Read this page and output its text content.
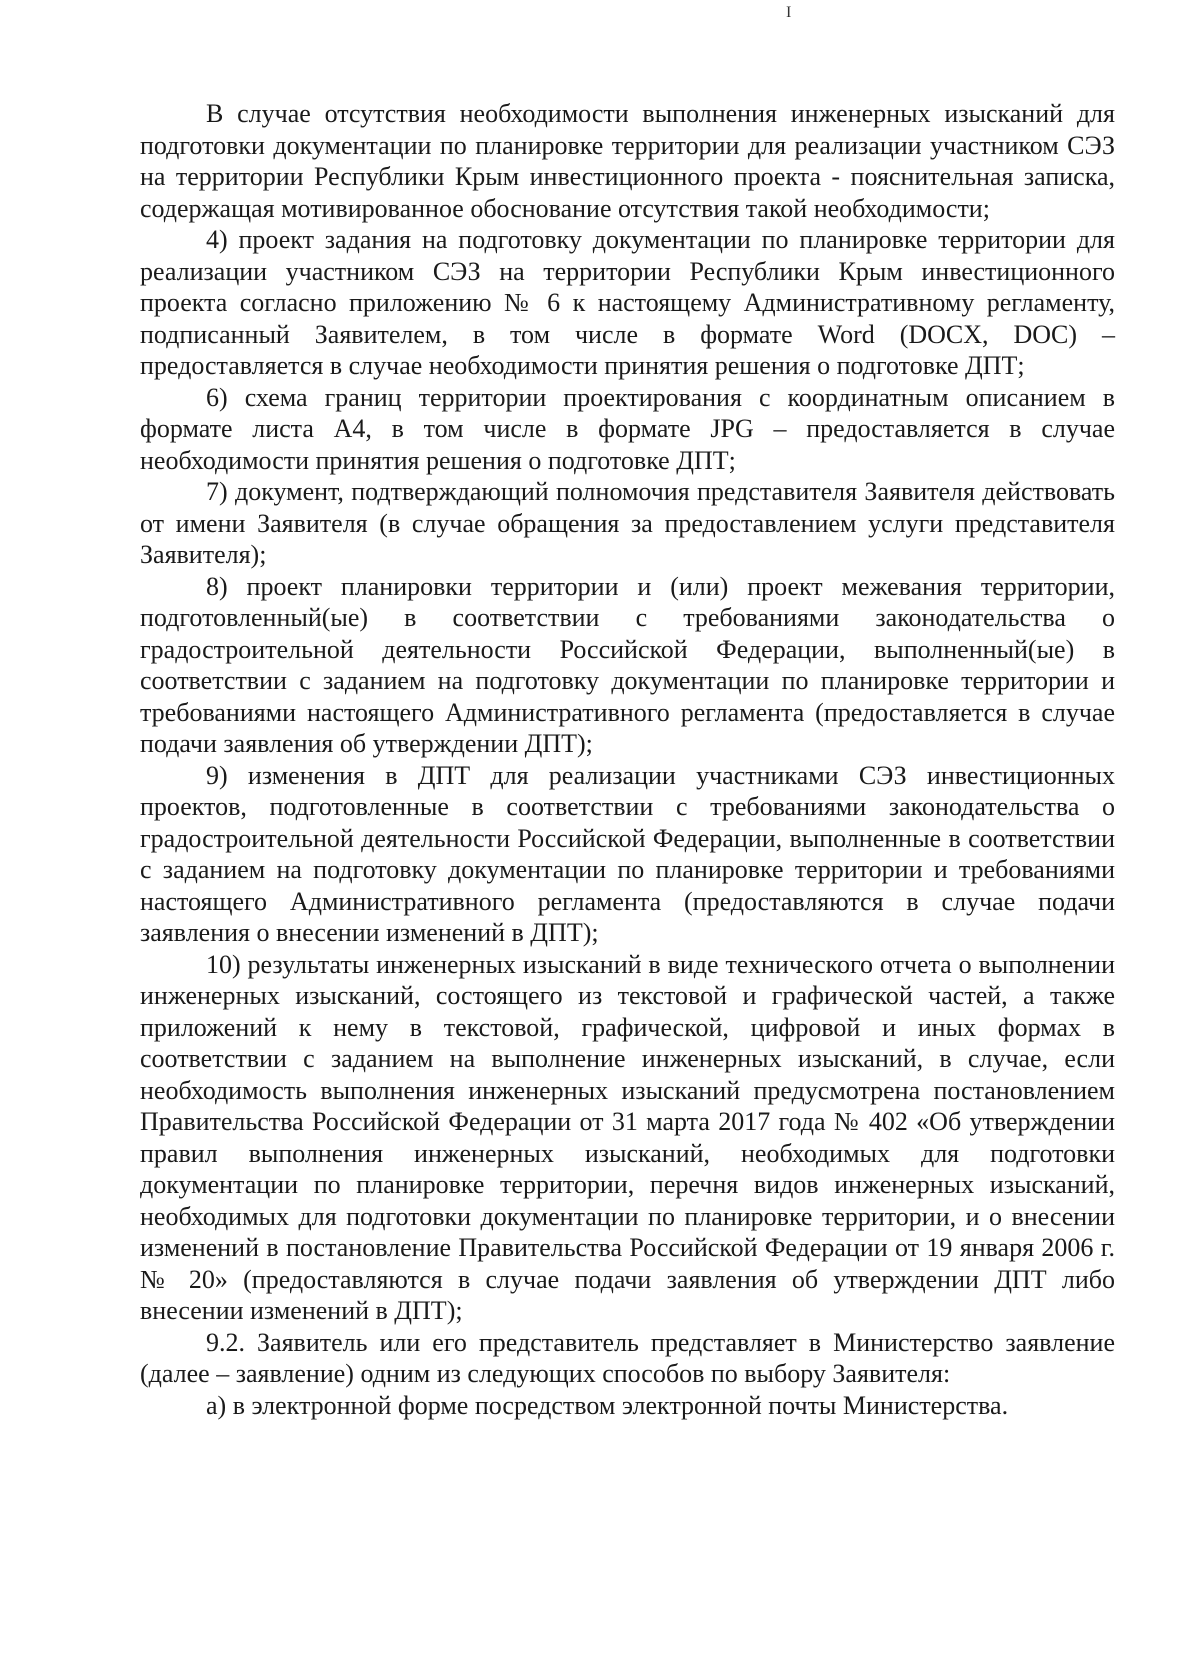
I

В случае отсутствия необходимости выполнения инженерных изысканий для подготовки документации по планировке территории для реализации участником СЭЗ на территории Республики Крым инвестиционного проекта - пояснительная записка, содержащая мотивированное обоснование отсутствия такой необходимости;

4) проект задания на подготовку документации по планировке территории для реализации участником СЭЗ на территории Республики Крым инвестиционного проекта согласно приложению № 6 к настоящему Административному регламенту, подписанный Заявителем, в том числе в формате Word (DOCX, DOC) – предоставляется в случае необходимости принятия решения о подготовке ДПТ;

6) схема границ территории проектирования с координатным описанием в формате листа А4, в том числе в формате JPG – предоставляется в случае необходимости принятия решения о подготовке ДПТ;

7) документ, подтверждающий полномочия представителя Заявителя действовать от имени Заявителя (в случае обращения за предоставлением услуги представителя Заявителя);

8) проект планировки территории и (или) проект межевания территории, подготовленный(ые) в соответствии с требованиями законодательства о градостроительной деятельности Российской Федерации, выполненный(ые) в соответствии с заданием на подготовку документации по планировке территории и требованиями настоящего Административного регламента (предоставляется в случае подачи заявления об утверждении ДПТ);

9) изменения в ДПТ для реализации участниками СЭЗ инвестиционных проектов, подготовленные в соответствии с требованиями законодательства о градостроительной деятельности Российской Федерации, выполненные в соответствии с заданием на подготовку документации по планировке территории и требованиями настоящего Административного регламента (предоставляются в случае подачи заявления о внесении изменений в ДПТ);

10) результаты инженерных изысканий в виде технического отчета о выполнении инженерных изысканий, состоящего из текстовой и графической частей, а также приложений к нему в текстовой, графической, цифровой и иных формах в соответствии с заданием на выполнение инженерных изысканий, в случае, если необходимость выполнения инженерных изысканий предусмотрена постановлением Правительства Российской Федерации от 31 марта 2017 года № 402 «Об утверждении правил выполнения инженерных изысканий, необходимых для подготовки документации по планировке территории, перечня видов инженерных изысканий, необходимых для подготовки документации по планировке территории, и о внесении изменений в постановление Правительства Российской Федерации от 19 января 2006 г. № 20» (предоставляются в случае подачи заявления об утверждении ДПТ либо внесении изменений в ДПТ);

9.2. Заявитель или его представитель представляет в Министерство заявление (далее – заявление) одним из следующих способов по выбору Заявителя:

а) в электронной форме посредством электронной почты Министерства.
